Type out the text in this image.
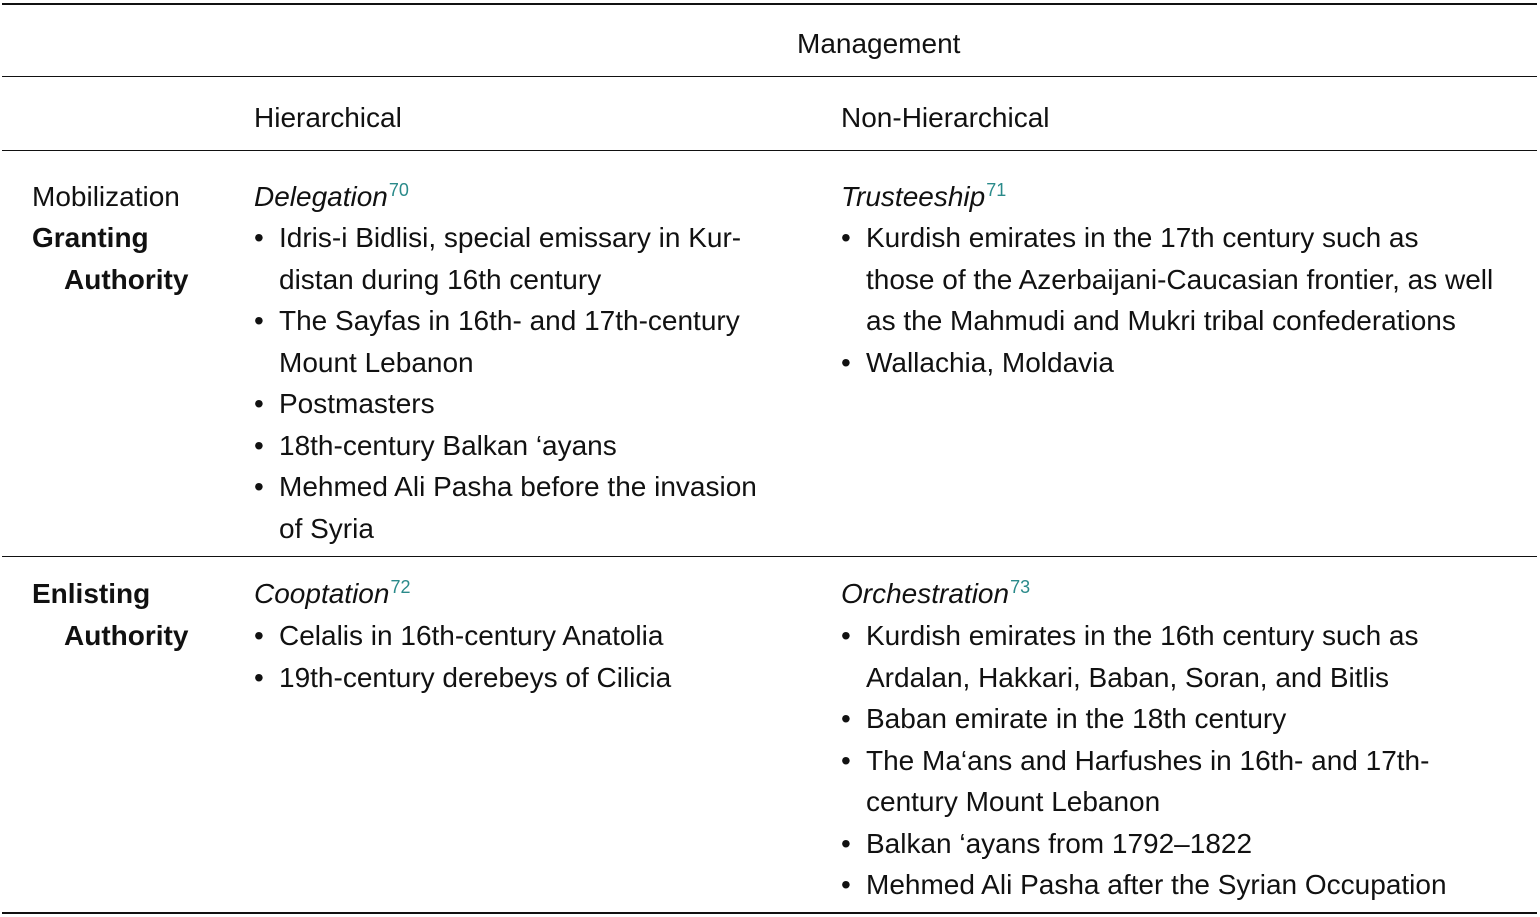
Management
Hierarchical	Non-Hierarchical
Mobilization
Granting
Authority
Delegation$^{70}$
• Idris-i Bidlisi, special emissary in Kur-
distan during 16th century
• The Sayfas in 16th- and 17th-century
Mount Lebanon
• Postmasters
• 18th-century Balkan ‘ayans
• Mehmed Ali Pasha before the invasion
of Syria
Trusteeship$^{71}$
• Kurdish emirates in the 17th century such as
those of the Azerbaijani-Caucasian frontier, as well
as the Mahmudi and Mukri tribal confederations
• Wallachia, Moldavia
Enlisting
Authority
Cooptation$^{72}$
• Celalis in 16th-century Anatolia
• 19th-century derebeys of Cilicia
Orchestration$^{73}$
• Kurdish emirates in the 16th century such as
Ardalan, Hakkari, Baban, Soran, and Bitlis
• Baban emirate in the 18th century
• The Ma‘ans and Harfushes in 16th- and 17th-
century Mount Lebanon
• Balkan ‘ayans from 1792–1822
• Mehmed Ali Pasha after the Syrian Occupation
